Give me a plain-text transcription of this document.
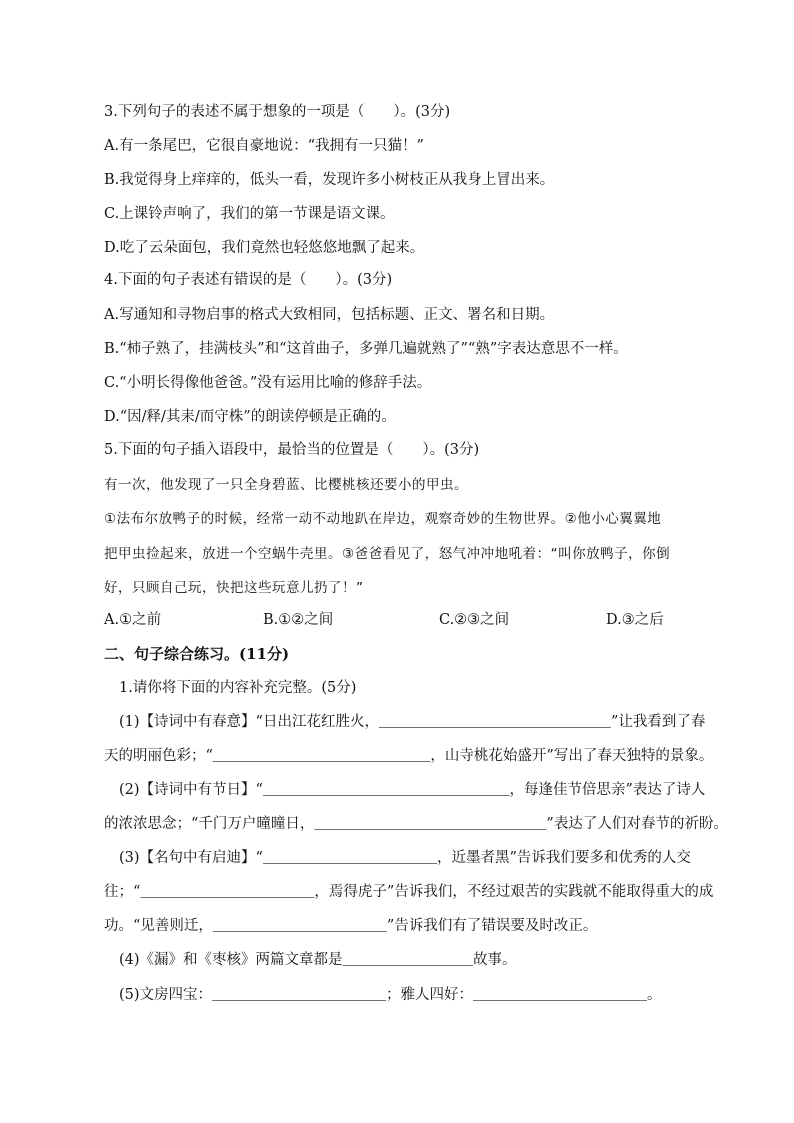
3.下列句子的表述不属于想象的一项是（　　）。(3分)
A.有一条尾巴，它很自豪地说：“我拥有一只猫！”
B.我觉得身上痒痒的，低头一看，发现许多小树枝正从我身上冒出来。
C.上课铃声响了，我们的第一节课是语文课。
D.吃了云朵面包，我们竟然也轻悠悠地飘了起来。
4.下面的句子表述有错误的是（　　）。(3分)
A.写通知和寻物启事的格式大致相同，包括标题、正文、署名和日期。
B.“柿子熟了，挂满枝头”和“这首曲子，多弹几遍就熟了”“熟”字表达意思不一样。
C.“小明长得像他爸爸。”没有运用比喻的修辞手法。
D.“因/释/其耒/而守株”的朗读停顿是正确的。
5.下面的句子插入语段中，最恰当的位置是（　　）。(3分)
有一次，他发现了一只全身碧蓝、比樱桃核还要小的甲虫。
①法布尔放鸭子的时候，经常一动不动地趴在岸边，观察奇妙的生物世界。②他小心翼翼地
把甲虫捡起来，放进一个空蜗牛壳里。③爸爸看见了，怒气冲冲地吼着：“叫你放鸭子，你倒
好，只顾自己玩，快把这些玩意儿扔了！”
A.①之前	B.①②之间	C.②③之间	D.③之后
二、句子综合练习。(11分)
1.请你将下面的内容补充完整。(5分)
(1)【诗词中有春意】“日出江花红胜火，＿＿＿＿＿＿＿＿＿＿＿＿＿＿＿＿”让我看到了春
天的明丽色彩；“＿＿＿＿＿＿＿＿＿＿＿＿＿＿＿，山寺桃花始盛开”写出了春天独特的景象。
(2)【诗词中有节日】“＿＿＿＿＿＿＿＿＿＿＿＿＿＿＿＿＿，每逢佳节倍思亲”表达了诗人
的浓浓思念；“千门万户曈曈日，＿＿＿＿＿＿＿＿＿＿＿＿＿＿＿＿”表达了人们对春节的祈盼。
(3)【名句中有启迪】“＿＿＿＿＿＿＿＿＿＿＿＿，近墨者黑”告诉我们要多和优秀的人交
往；“＿＿＿＿＿＿＿＿＿＿＿＿，焉得虎子”告诉我们，不经过艰苦的实践就不能取得重大的成
功。“见善则迁，＿＿＿＿＿＿＿＿＿＿＿＿”告诉我们有了错误要及时改正。
(4)《漏》和《枣核》两篇文章都是＿＿＿＿＿＿＿＿＿故事。
(5)文房四宝：＿＿＿＿＿＿＿＿＿＿＿＿；雅人四好：＿＿＿＿＿＿＿＿＿＿＿＿。
